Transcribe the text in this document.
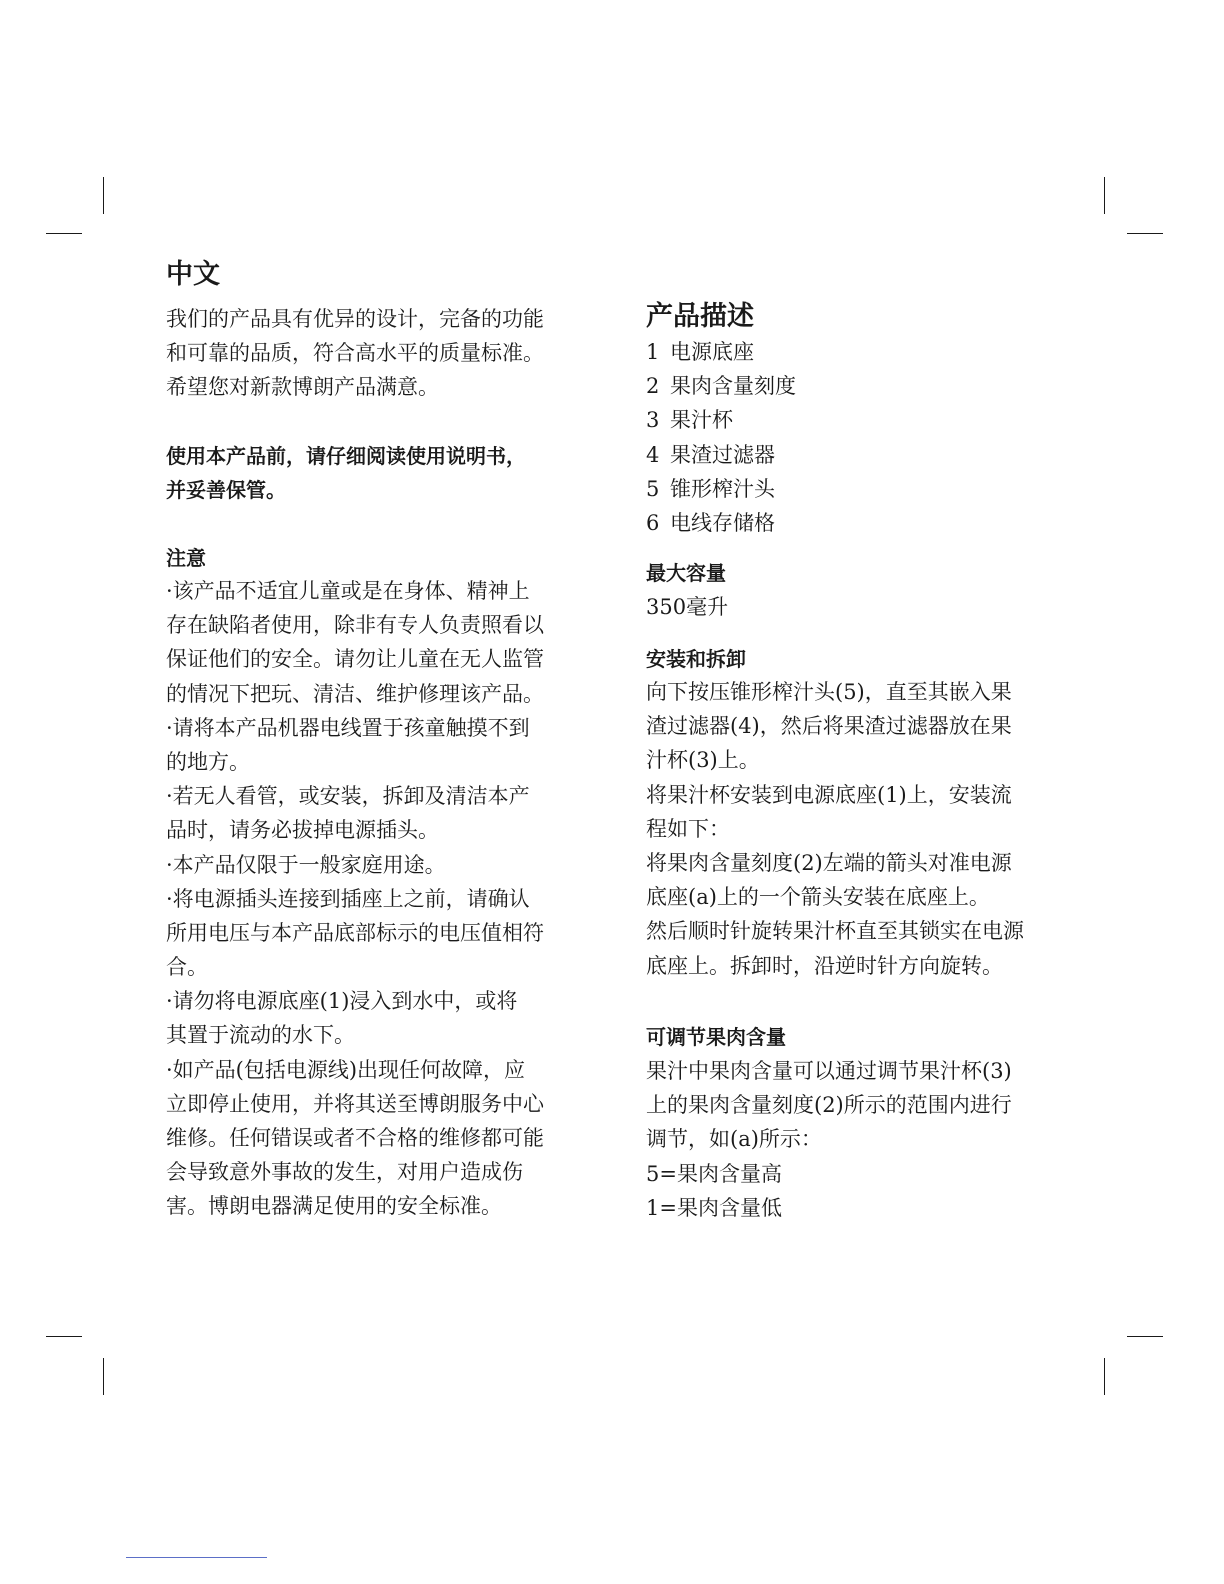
中文
我们的产品具有优异的设计，完备的功能
和可靠的品质，符合高水平的质量标准。
希望您对新款博朗产品满意。
使用本产品前，请仔细阅读使用说明书，
并妥善保管。
注意
·该产品不适宜儿童或是在身体、精神上
存在缺陷者使用，除非有专人负责照看以
保证他们的安全。请勿让儿童在无人监管
的情况下把玩、清洁、维护修理该产品。
·请将本产品机器电线置于孩童触摸不到
的地方。
·若无人看管，或安装，拆卸及清洁本产
品时，请务必拔掉电源插头。
·本产品仅限于一般家庭用途。
·将电源插头连接到插座上之前，请确认
所用电压与本产品底部标示的电压值相符
合。
·请勿将电源底座(1)浸入到水中，或将
其置于流动的水下。
·如产品(包括电源线)出现任何故障，应
立即停止使用，并将其送至博朗服务中心
维修。任何错误或者不合格的维修都可能
会导致意外事故的发生，对用户造成伤
害。博朗电器满足使用的安全标准。
产品描述
1 电源底座
2 果肉含量刻度
3 果汁杯
4 果渣过滤器
5 锥形榨汁头
6 电线存储格
最大容量
350毫升
安装和拆卸
向下按压锥形榨汁头(5)，直至其嵌入果
渣过滤器(4)，然后将果渣过滤器放在果
汁杯(3)上。
将果汁杯安装到电源底座(1)上，安装流
程如下：
将果肉含量刻度(2)左端的箭头对准电源
底座(a)上的一个箭头安装在底座上。
然后顺时针旋转果汁杯直至其锁实在电源
底座上。拆卸时，沿逆时针方向旋转。
可调节果肉含量
果汁中果肉含量可以通过调节果汁杯(3)
上的果肉含量刻度(2)所示的范围内进行
调节，如(a)所示：
5=果肉含量高
1=果肉含量低
